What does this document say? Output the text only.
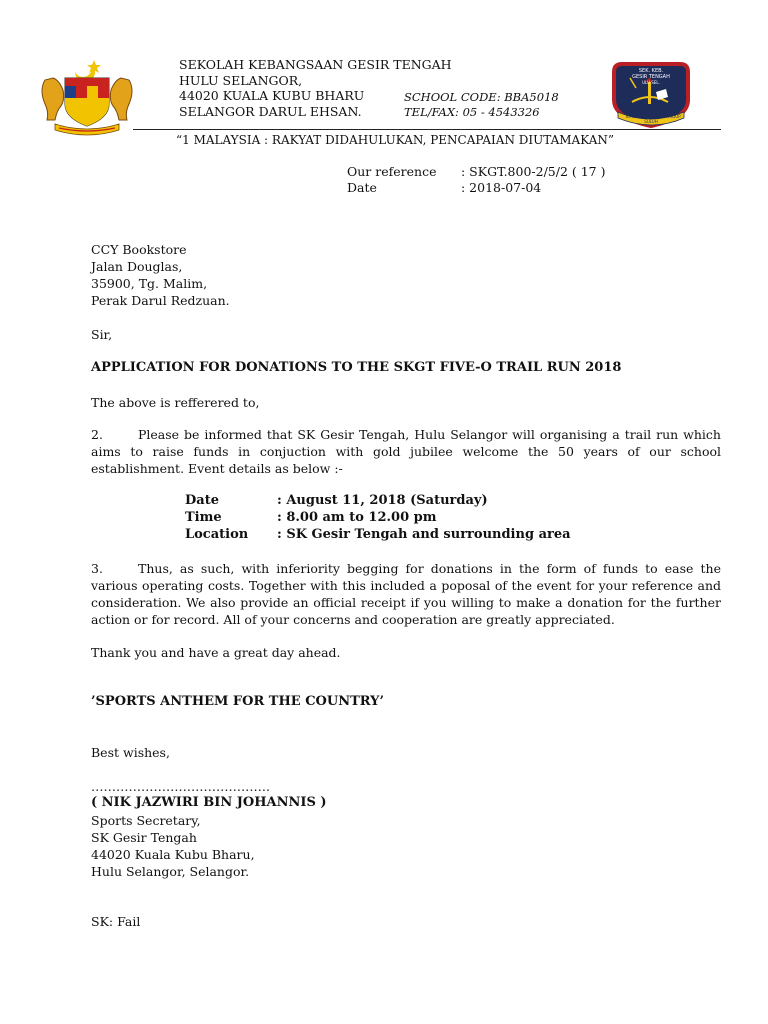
SEKOLAH KEBANGSAAN GESIR TENGAH
HULU SELANGOR,
44020 KUALA KUBU BHARU
SELANGOR DARUL EHSAN.
SCHOOL CODE: BBA5018
TEL/FAX: 05 - 4543326
SEK. KEB.
GESIR TENGAH
ULU SEL.
ILMU
SULUH
HIDUP
“1 MALAYSIA : RAKYAT DIDAHULUKAN, PENCAPAIAN DIUTAMAKAN”
Our reference : SKGT.800-2/5/2 ( 17 )
Date	: 2018-07-04
CCY Bookstore
Jalan Douglas,
35900, Tg. Malim,
Perak Darul Redzuan.
Sir,
APPLICATION FOR DONATIONS TO THE SKGT FIVE-O TRAIL RUN 2018
The above is refferered to,
2.	Please be informed that SK Gesir Tengah, Hulu Selangor will organising a trail run which aims to raise funds in conjuction with gold jubilee welcome the 50 years of our school establishment. Event details as below :-
Date	: August 11, 2018 (Saturday)
Time	: 8.00 am to 12.00 pm
Location : SK Gesir Tengah and surrounding area
3.	Thus, as such, with inferiority begging for donations in the form of funds to ease the various operating costs. Together with this included a poposal of the event for your reference and consideration. We also provide an official receipt if you willing to make a donation for the further action or for record. All of your concerns and cooperation are greatly appreciated.
Thank you and have a great day ahead.
’SPORTS ANTHEM FOR THE COUNTRY’
Best wishes,
…………………………………….
( NIK JAZWIRI BIN JOHANNIS )
Sports Secretary,
SK Gesir Tengah
44020 Kuala Kubu Bharu,
Hulu Selangor, Selangor.
SK: Fail
